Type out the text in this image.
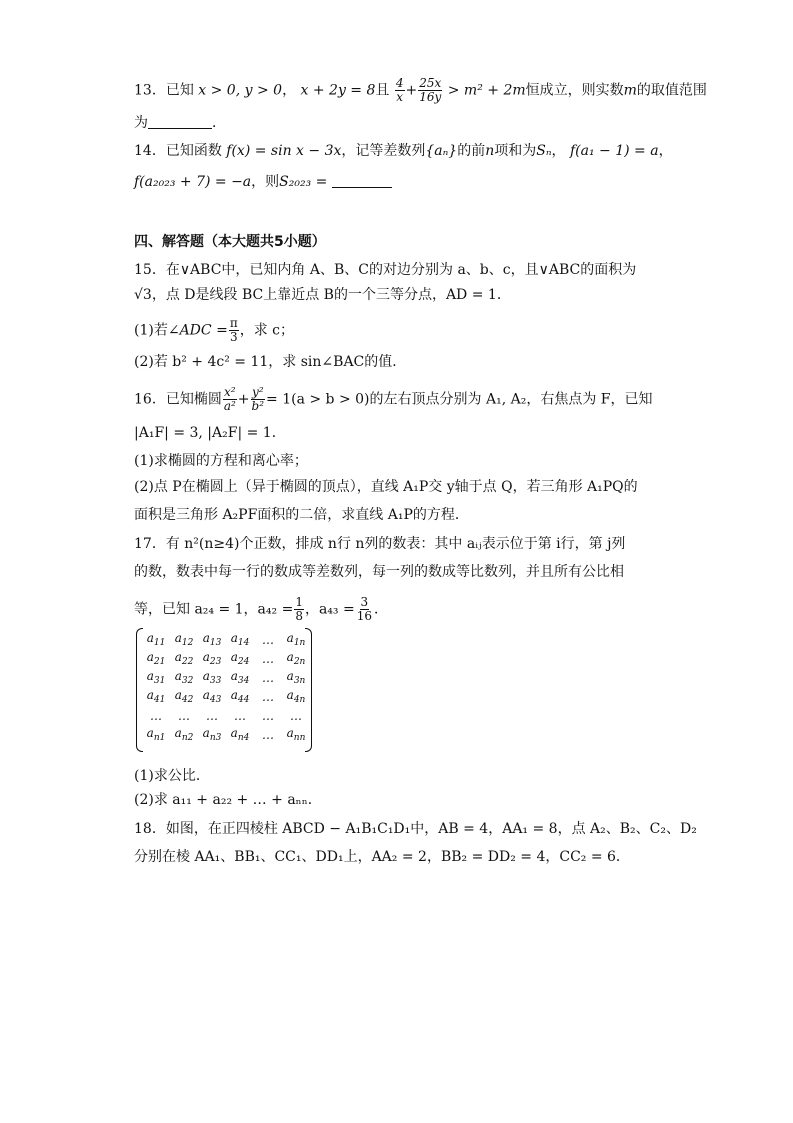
13．已知 x > 0, y > 0， x + 2y = 8且 $\frac{4}{x} + \frac{25x}{16y} > m^2 + 2m$恒成立，则实数m的取值范围
为	．
14．已知函数 f(x) = sin x − 3x，记等差数列{aₙ}的前n项和为Sₙ， f(a₁ − 1) = a，
f(a₂₀₂₃ + 7) = −a，则S₂₀₂₃ =
四、解答题（本大题共5小题）
15．在∨ABC中，已知内角 A、B、C的对边分别为 a、b、c，且∨ABC的面积为
√3，点 D是线段 BC上靠近点 B的一个三等分点，AD = 1．
(1)若∠ADC = $\frac{\pi}{3}$ ，求 c；
(2)若 b² + 4c² = 11，求 sin∠BAC的值．
16．已知椭圆 $\frac{\text{x²}}{\text{a²}} + \frac{\text{y²}}{\text{b²}} = 1(a > b > 0)$的左右顶点分别为 A₁, A₂，右焦点为 F，已知
|A₁F| = 3, |A₂F| = 1．
(1)求椭圆的方程和离心率；
(2)点 P在椭圆上（异于椭圆的顶点），直线 A₁P交 y轴于点 Q，若三角形 A₁PQ的
面积是三角形 A₂PF面积的二倍，求直线 A₁P的方程．
17．有 n²(n≥4)个正数，排成 n行 n列的数表：其中 aᵢⱼ表示位于第 i行，第 j列
的数，数表中每一行的数成等差数列，每一列的数成等比数列，并且所有公比相
等，已知 a₂₄ = 1，$a_{42} = \frac{1}{8}$ ，$a_{43} = \frac{3}{16}$ ．
$a_{11}$	$a_{12}$	$a_{13}$	$a_{14}$	…	$a_{1n}$
$a_{21}$	$a_{22}$	$a_{23}$	$a_{24}$	…	$a_{2n}$
$a_{31}$	$a_{32}$	$a_{33}$	$a_{34}$	…	$a_{3n}$
$a_{41}$	$a_{42}$	$a_{43}$	$a_{44}$	…	$a_{4n}$
…	…	…	…	…	…
$a_{n1}$	$a_{n2}$	$a_{n3}$	$a_{n4}$	…	$a_{nn}$
(1)求公比．
(2)求 a₁₁ + a₂₂ + … + aₙₙ．
18．如图，在正四棱柱 ABCD − A₁B₁C₁D₁中，AB = 4，AA₁ = 8，点 A₂、B₂、C₂、D₂
分别在棱 AA₁、BB₁、CC₁、DD₁上，AA₂ = 2，BB₂ = DD₂ = 4，CC₂ = 6．
